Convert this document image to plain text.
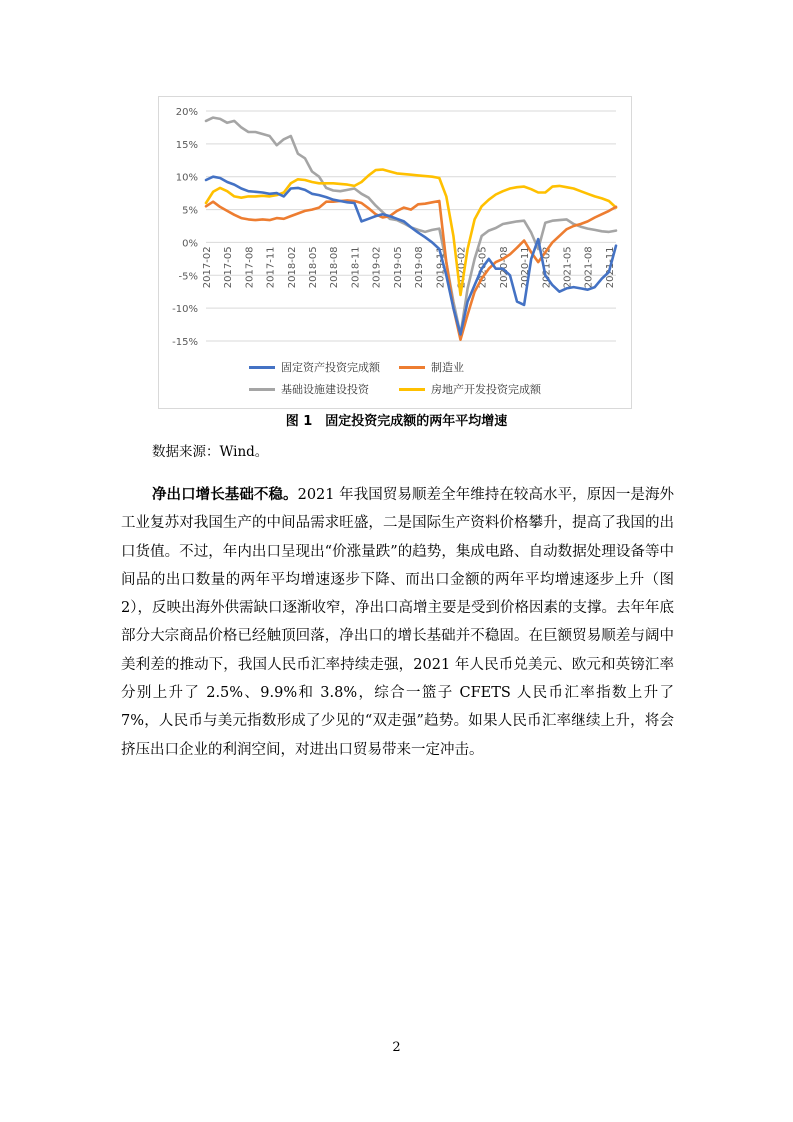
20%
15%
10%
5%
0%
-5%
-10%
-15%
2017-02 2017-05 2017-08 2017-11 2018-02 2018-05 2018-08 2018-11 2019-02 2019-05 2019-08 2019-11 2020-02 2020-05 2020-08 2020-11 2021-02 2021-05 2021-08 2021-11
固定资产投资完成额	制造业
基础设施建设投资	房地产开发投资完成额
图 1　固定投资完成额的两年平均增速
数据来源：Wind。

净出口增长基础不稳。2021 年我国贸易顺差全年维持在较高水平，原因一是海外工业复苏对我国生产的中间品需求旺盛，二是国际生产资料价格攀升，提高了我国的出口货值。不过，年内出口呈现出“价涨量跌”的趋势，集成电路、自动数据处理设备等中间品的出口数量的两年平均增速逐步下降、而出口金额的两年平均增速逐步上升（图 2），反映出海外供需缺口逐渐收窄，净出口高增主要是受到价格因素的支撑。去年年底部分大宗商品价格已经触顶回落，净出口的增长基础并不稳固。在巨额贸易顺差与阔中美利差的推动下，我国人民币汇率持续走强，2021 年人民币兑美元、欧元和英镑汇率分别上升了 2.5%、9.9%和 3.8%，综合一篮子 CFETS 人民币汇率指数上升了 7%，人民币与美元指数形成了少见的“双走强”趋势。如果人民币汇率继续上升，将会挤压出口企业的利润空间，对进出口贸易带来一定冲击。

2
